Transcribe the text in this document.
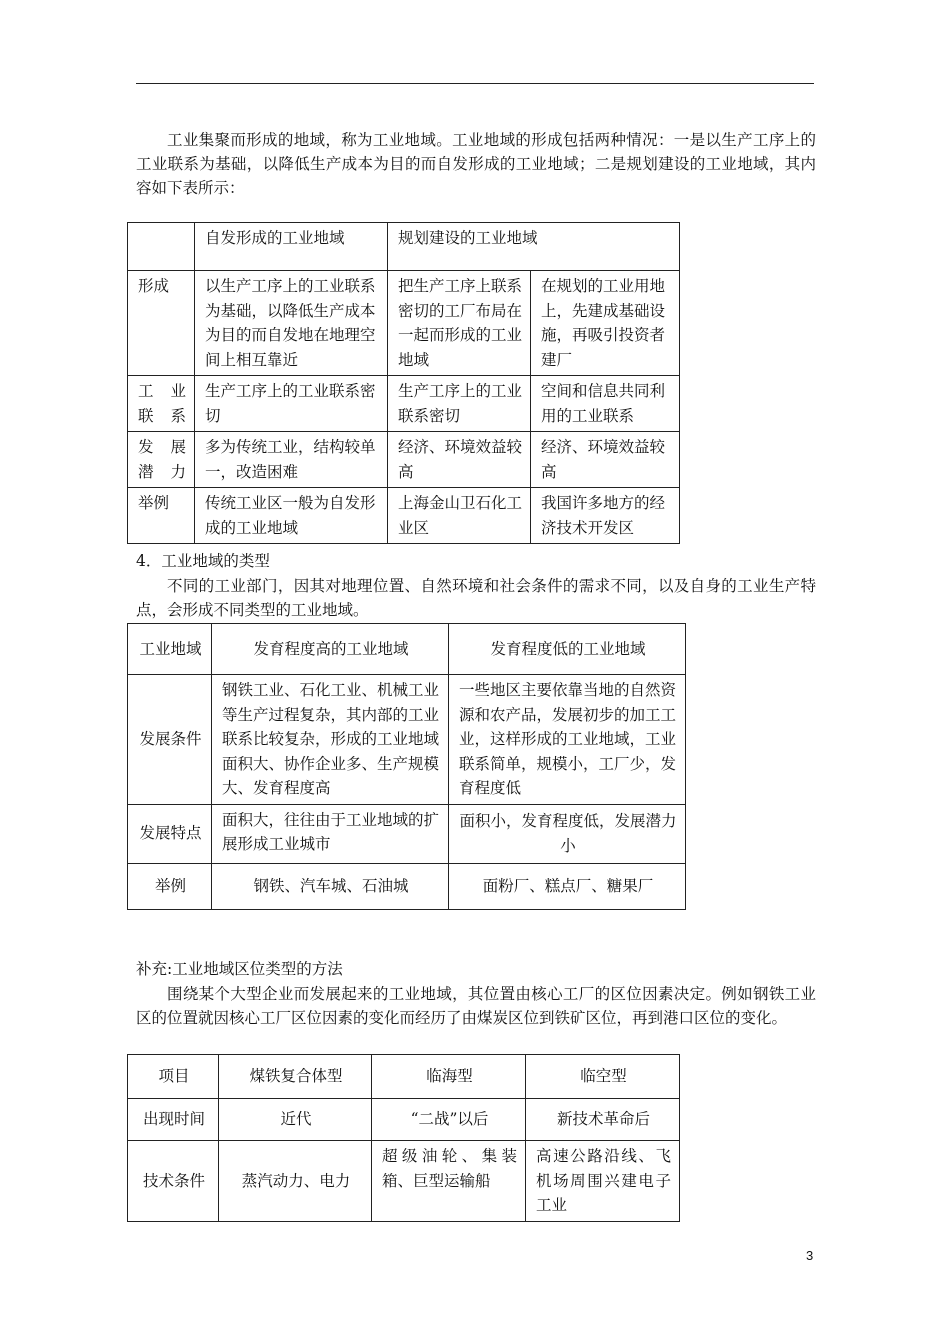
工业集聚而形成的地域，称为工业地域。工业地域的形成包括两种情况：一是以生产工序上的工业联系为基础，以降低生产成本为目的而自发形成的工业地域；二是规划建设的工业地域，其内容如下表所示：

	自发形成的工业地域	规划建设的工业地域	
形成	以生产工序上的工业联系为基础，以降低生产成本为目的而自发地在地理空间上相互靠近	把生产工序上联系密切的工厂布局在一起而形成的工业地域	在规划的工业用地上，先建成基础设施，再吸引投资者建厂
工　业联系	生产工序上的工业联系密切	生产工序上的工业联系密切	空间和信息共同利用的工业联系
发　展潜力	多为传统工业，结构较单一，改造困难	经济、环境效益较高	经济、环境效益较高
举例	传统工业区一般为自发形成的工业地域	上海金山卫石化工业区	我国许多地方的经济技术开发区

4．工业地域的类型

不同的工业部门，因其对地理位置、自然环境和社会条件的需求不同，以及自身的工业生产特点，会形成不同类型的工业地域。

工业地域	发育程度高的工业地域	发育程度低的工业地域
发展条件	钢铁工业、石化工业、机械工业等生产过程复杂，其内部的工业联系比较复杂，形成的工业地域面积大、协作企业多、生产规模大、发育程度高	一些地区主要依靠当地的自然资源和农产品，发展初步的加工工业，这样形成的工业地域，工业联系简单，规模小，工厂少，发育程度低
发展特点	面积大，往往由于工业地域的扩展形成工业城市	面积小，发育程度低，发展潜力小
举例	钢铁、汽车城、石油城	面粉厂、糕点厂、糖果厂

补充:工业地域区位类型的方法

围绕某个大型企业而发展起来的工业地域，其位置由核心工厂的区位因素决定。例如钢铁工业区的位置就因核心工厂区位因素的变化而经历了由煤炭区位到铁矿区位，再到港口区位的变化。

项目	煤铁复合体型	临海型	临空型
出现时间	近代	“二战”以后	新技术革命后
技术条件	蒸汽动力、电力	超级油轮、集装箱、巨型运输船	高速公路沿线、飞机场周围兴建电子工业
3
